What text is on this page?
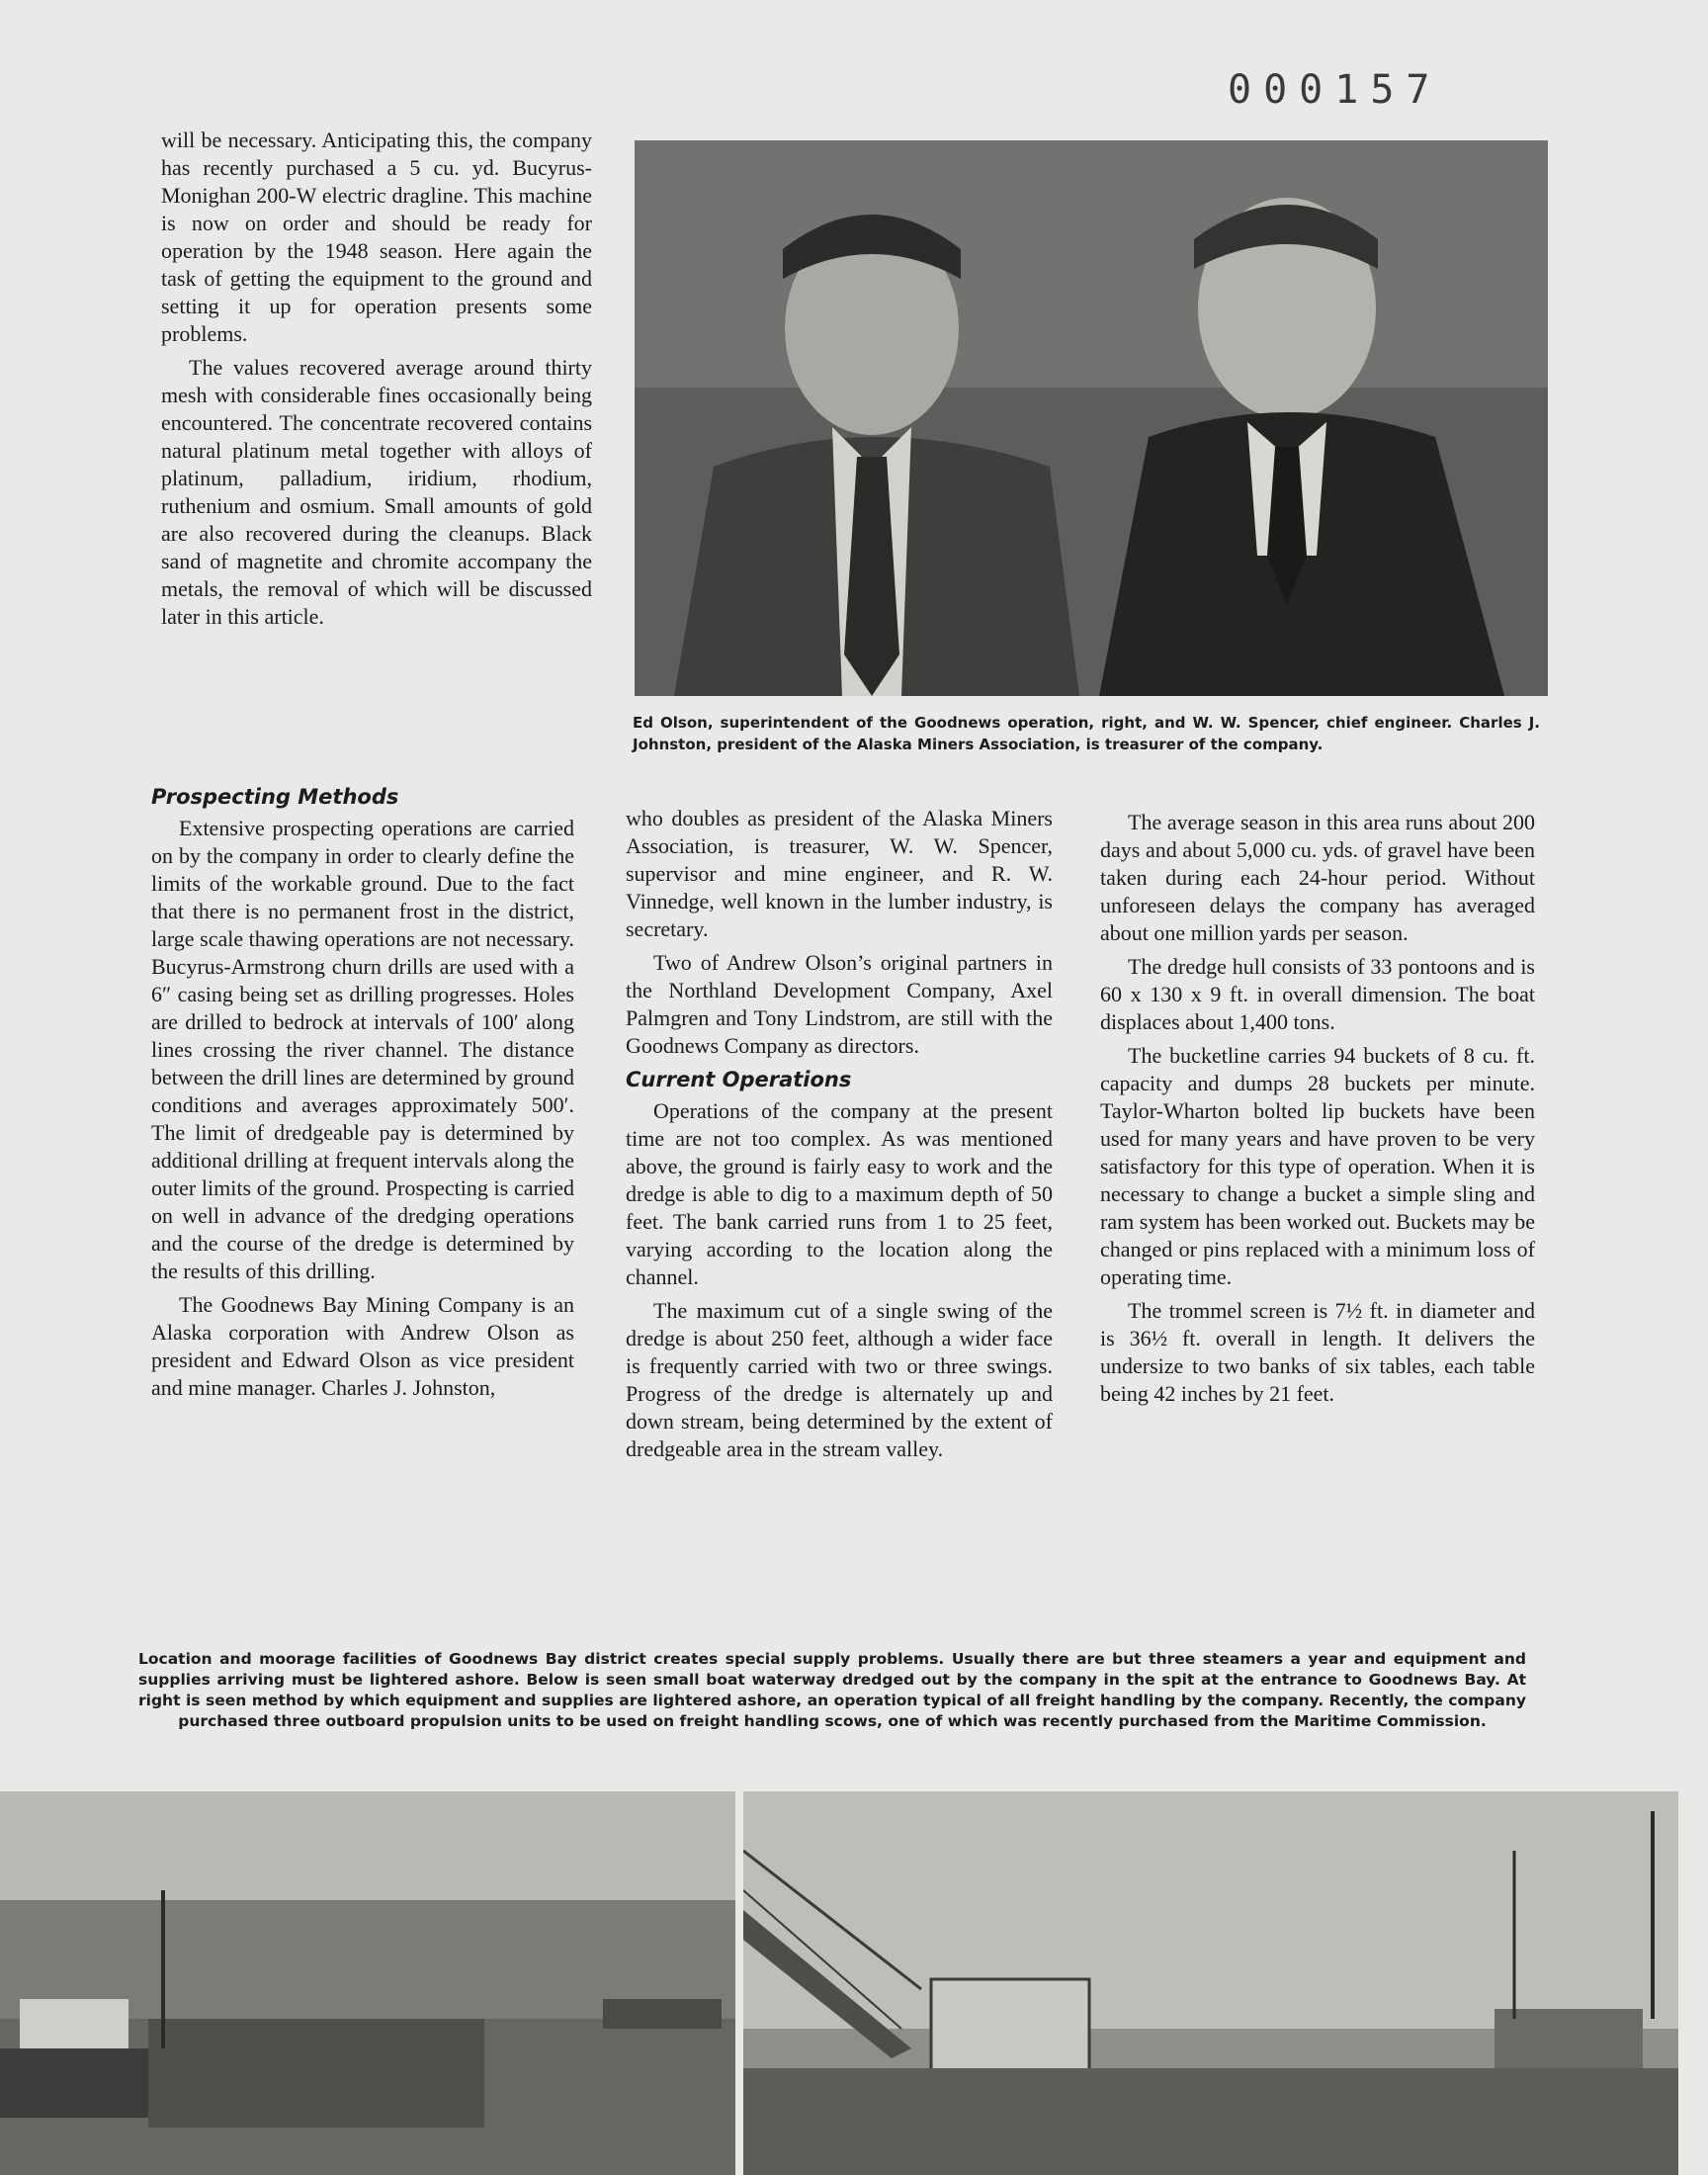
000157

will be necessary. Anticipating this, the company has recently purchased a 5 cu. yd. Bucyrus-Monighan 200-W electric dragline. This machine is now on order and should be ready for operation by the 1948 season. Here again the task of getting the equipment to the ground and setting it up for operation presents some problems.

The values recovered average around thirty mesh with considerable fines occasionally being encountered. The concentrate recovered contains natural platinum metal together with alloys of platinum, palladium, iridium, rhodium, ruthenium and osmium. Small amounts of gold are also recovered during the cleanups. Black sand of magnetite and chromite accompany the metals, the removal of which will be discussed later in this article.

Ed Olson, superintendent of the Goodnews operation, right, and W. W. Spencer, chief engineer. Charles J. Johnston, president of the Alaska Miners Association, is treasurer of the company.
Prospecting Methods

Extensive prospecting operations are carried on by the company in order to clearly define the limits of the workable ground. Due to the fact that there is no permanent frost in the district, large scale thawing operations are not necessary. Bucyrus-Armstrong churn drills are used with a 6″ casing being set as drilling progresses. Holes are drilled to bedrock at intervals of 100′ along lines crossing the river channel. The distance between the drill lines are determined by ground conditions and averages approximately 500′. The limit of dredgeable pay is determined by additional drilling at frequent intervals along the outer limits of the ground. Prospecting is carried on well in advance of the dredging operations and the course of the dredge is determined by the results of this drilling.

The Goodnews Bay Mining Company is an Alaska corporation with Andrew Olson as president and Edward Olson as vice president and mine manager. Charles J. Johnston,

who doubles as president of the Alaska Miners Association, is treasurer, W. W. Spencer, supervisor and mine engineer, and R. W. Vinnedge, well known in the lumber industry, is secretary.

Two of Andrew Olson’s original partners in the Northland Development Company, Axel Palmgren and Tony Lindstrom, are still with the Goodnews Company as directors.

Current Operations

Operations of the company at the present time are not too complex. As was mentioned above, the ground is fairly easy to work and the dredge is able to dig to a maximum depth of 50 feet. The bank carried runs from 1 to 25 feet, varying according to the location along the channel.

The maximum cut of a single swing of the dredge is about 250 feet, although a wider face is frequently carried with two or three swings. Progress of the dredge is alternately up and down stream, being determined by the extent of dredgeable area in the stream valley.

The average season in this area runs about 200 days and about 5,000 cu. yds. of gravel have been taken during each 24-hour period. Without unforeseen delays the company has averaged about one million yards per season.

The dredge hull consists of 33 pontoons and is 60 x 130 x 9 ft. in overall dimension. The boat displaces about 1,400 tons.

The bucketline carries 94 buckets of 8 cu. ft. capacity and dumps 28 buckets per minute. Taylor-Wharton bolted lip buckets have been used for many years and have proven to be very satisfactory for this type of operation. When it is necessary to change a bucket a simple sling and ram system has been worked out. Buckets may be changed or pins replaced with a minimum loss of operating time.

The trommel screen is 7½ ft. in diameter and is 36½ ft. overall in length. It delivers the undersize to two banks of six tables, each table being 42 inches by 21 feet.

Location and moorage facilities of Goodnews Bay district creates special supply problems. Usually there are but three steamers a year and equipment and supplies arriving must be lightered ashore. Below is seen small boat waterway dredged out by the company in the spit at the entrance to Goodnews Bay. At right is seen method by which equipment and supplies are lightered ashore, an operation typical of all freight handling by the company. Recently, the company purchased three outboard propulsion units to be used on freight handling scows, one of which was recently purchased from the Maritime Commission.
